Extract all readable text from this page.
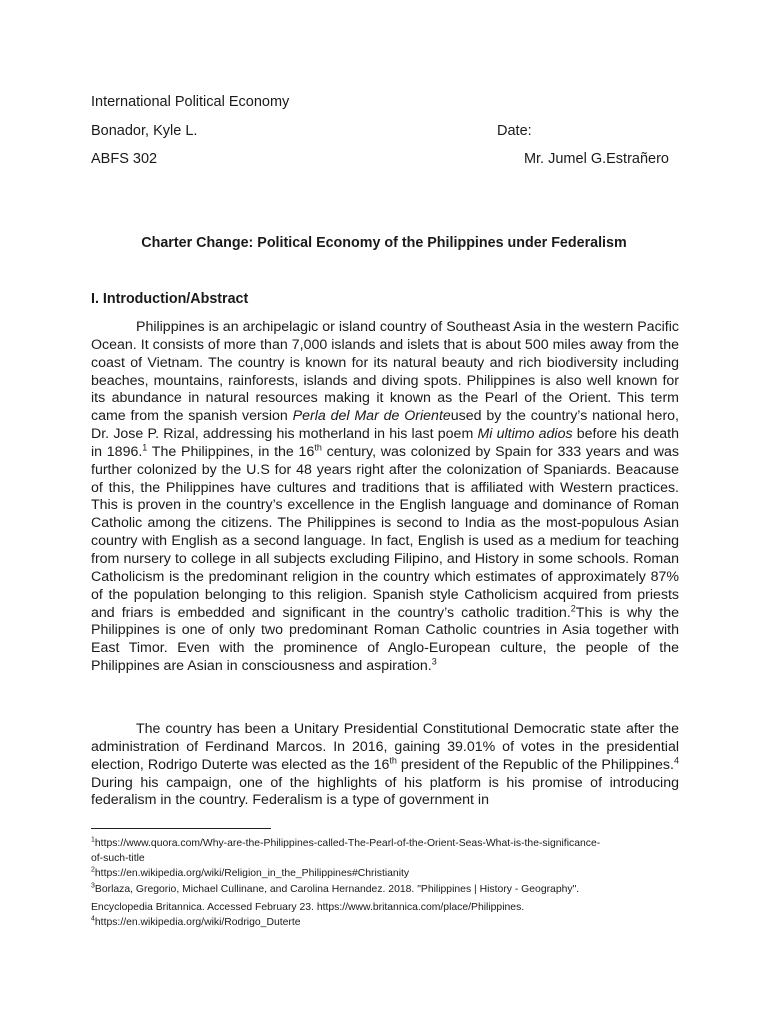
International Political Economy
Bonador, Kyle L.	Date:
ABFS 302	Mr. Jumel G.Estrañero
Charter Change: Political Economy of the Philippines under Federalism
I. Introduction/Abstract

Philippines is an archipelagic or island country of Southeast Asia in the western Pacific Ocean. It consists of more than 7,000 islands and islets that is about 500 miles away from the coast of Vietnam. The country is known for its natural beauty and rich biodiversity including beaches, mountains, rainforests, islands and diving spots. Philippines is also well known for its abundance in natural resources making it known as the Pearl of the Orient. This term came from the spanish version Perla del Mar de Orienteused by the country’s national hero, Dr. Jose P. Rizal, addressing his motherland in his last poem Mi ultimo adios before his death in 1896.$^1$ The Philippines, in the 16th century, was colonized by Spain for 333 years and was further colonized by the U.S for 48 years right after the colonization of Spaniards. Beacause of this, the Philippines have cultures and traditions that is affiliated with Western practices. This is proven in the country’s excellence in the English language and dominance of Roman Catholic among the citizens. The Philippines is second to India as the most-populous Asian country with English as a second language. In fact, English is used as a medium for teaching from nursery to college in all subjects excluding Filipino, and History in some schools. Roman Catholicism is the predominant religion in the country which estimates of approximately 87% of the population belonging to this religion. Spanish style Catholicism acquired from priests and friars is embedded and significant in the country’s catholic tradition.$^2$This is why the Philippines is one of only two predominant Roman Catholic countries in Asia together with East Timor. Even with the prominence of Anglo-European culture, the people of the Philippines are Asian in consciousness and aspiration.$^3$

The country has been a Unitary Presidential Constitutional Democratic state after the administration of Ferdinand Marcos. In 2016, gaining 39.01% of votes in the presidential election, Rodrigo Duterte was elected as the 16th president of the Republic of the Philippines.$^4$ During his campaign, one of the highlights of his platform is his promise of introducing federalism in the country. Federalism is a type of government in

$^1$https://www.quora.com/Why-are-the-Philippines-called-The-Pearl-of-the-Orient-Seas-What-is-the-significance-
of-such-title
$^2$https://en.wikipedia.org/wiki/Religion_in_the_Philippines#Christianity
$^3$Borlaza, Gregorio, Michael Cullinane, and Carolina Hernandez. 2018. "Philippines | History - Geography".
Encyclopedia Britannica. Accessed February 23. https://www.britannica.com/place/Philippines.
$^4$https://en.wikipedia.org/wiki/Rodrigo_Duterte
